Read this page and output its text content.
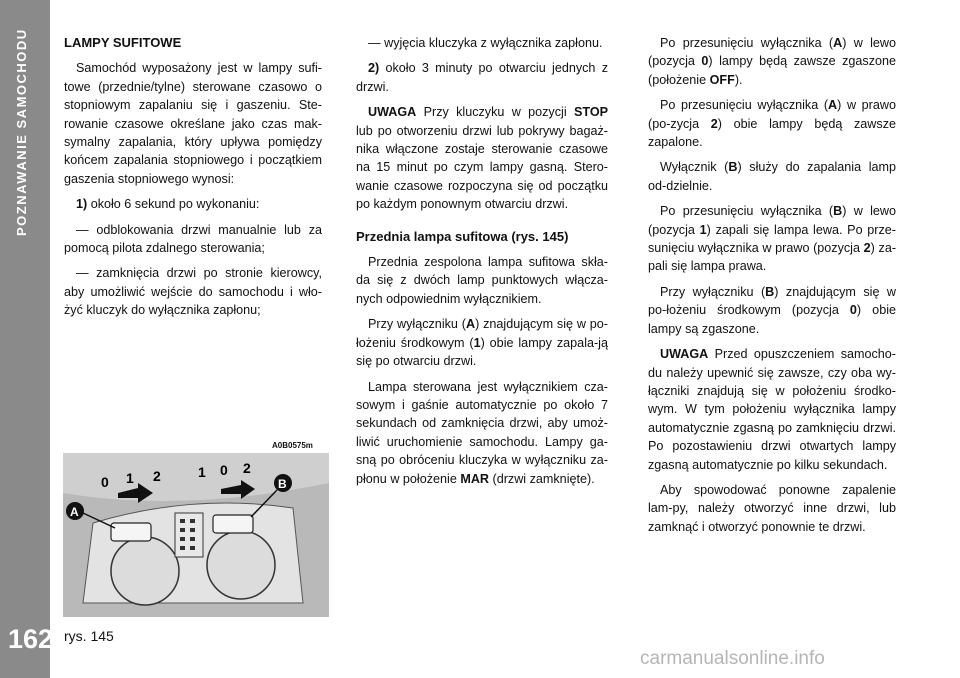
POZNAWANIE SAMOCHODU
162

LAMPY SUFITOWE

Samochód wyposażony jest w lampy sufi-towe (przednie/tylne) sterowane czasowo o stopniowym zapalaniu się i gaszeniu. Ste-rowanie czasowe określane jako czas mak-symalny zapalania, który upływa pomiędzy końcem zapalania stopniowego i początkiem gaszenia stopniowego wynosi:

1) około 6 sekund po wykonaniu:

— odblokowania drzwi manualnie lub za pomocą pilota zdalnego sterowania;

— zamknięcia drzwi po stronie kierowcy, aby umożliwić wejście do samochodu i wło-żyć kluczyk do wyłącznika zapłonu;

— wyjęcia kluczyka z wyłącznika zapłonu.

2) około 3 minuty po otwarciu jednych z drzwi.

UWAGA Przy kluczyku w pozycji STOP lub po otworzeniu drzwi lub pokrywy bagaż-nika włączone zostaje sterowanie czasowe na 15 minut po czym lampy gasną. Stero-wanie czasowe rozpoczyna się od początku po każdym ponownym otwarciu drzwi.

Przednia lampa sufitowa (rys. 145)

Przednia zespolona lampa sufitowa skła-da się z dwóch lamp punktowych włącza-nych odpowiednim wyłącznikiem.

Przy wyłączniku (A) znajdującym się w po-łożeniu środkowym (1) obie lampy zapala-ją się po otwarciu drzwi.

Lampa sterowana jest wyłącznikiem cza-sowym i gaśnie automatycznie po około 7 sekundach od zamknięcia drzwi, aby umoż-liwić uruchomienie samochodu. Lampy ga-sną po obróceniu kluczyka w wyłączniku za-płonu w położenie MAR (drzwi zamknięte).

Po przesunięciu wyłącznika (A) w lewo (pozycja 0) lampy będą zawsze zgaszone (położenie OFF).

Po przesunięciu wyłącznika (A) w prawo (po-zycja 2) obie lampy będą zawsze zapalone.

Wyłącznik (B) służy do zapalania lamp od-dzielnie.

Po przesunięciu wyłącznika (B) w lewo (pozycja 1) zapali się lampa lewa. Po prze-sunięciu wyłącznika w prawo (pozycja 2) za-pali się lampa prawa.

Przy wyłączniku (B) znajdującym się w po-łożeniu środkowym (pozycja 0) obie lampy są zgaszone.

UWAGA Przed opuszczeniem samocho-du należy upewnić się zawsze, czy oba wy-łączniki znajdują się w położeniu środko-wym. W tym położeniu wyłącznika lampy automatycznie zgasną po zamknięciu drzwi. Po pozostawieniu drzwi otwartych lampy zgasną automatycznie po kilku sekundach.

Aby spowodować ponowne zapalenie lam-py, należy otworzyć inne drzwi, lub zamknąć i otworzyć ponownie te drzwi.

A0B0575m
0 1 2	1 0 2
A
B
rys. 145
carmanualsonline.info
